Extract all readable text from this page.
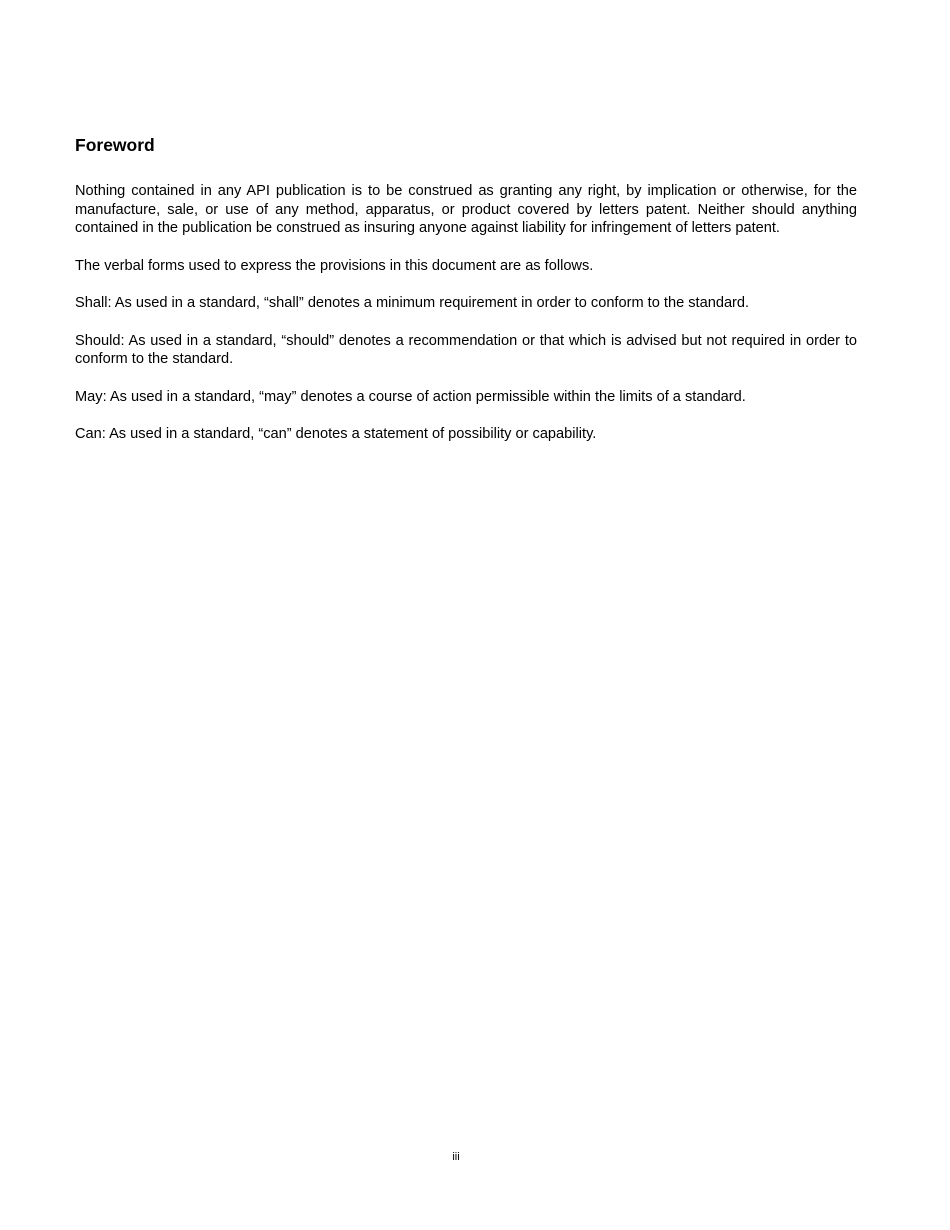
Foreword

Nothing contained in any API publication is to be construed as granting any right, by implication or otherwise, for the manufacture, sale, or use of any method, apparatus, or product covered by letters patent. Neither should anything contained in the publication be construed as insuring anyone against liability for infringement of letters patent.

The verbal forms used to express the provisions in this document are as follows.

Shall: As used in a standard, “shall” denotes a minimum requirement in order to conform to the standard.

Should: As used in a standard, “should” denotes a recommendation or that which is advised but not required in order to conform to the standard.

May: As used in a standard, “may” denotes a course of action permissible within the limits of a standard.

Can: As used in a standard, “can” denotes a statement of possibility or capability.

iii
